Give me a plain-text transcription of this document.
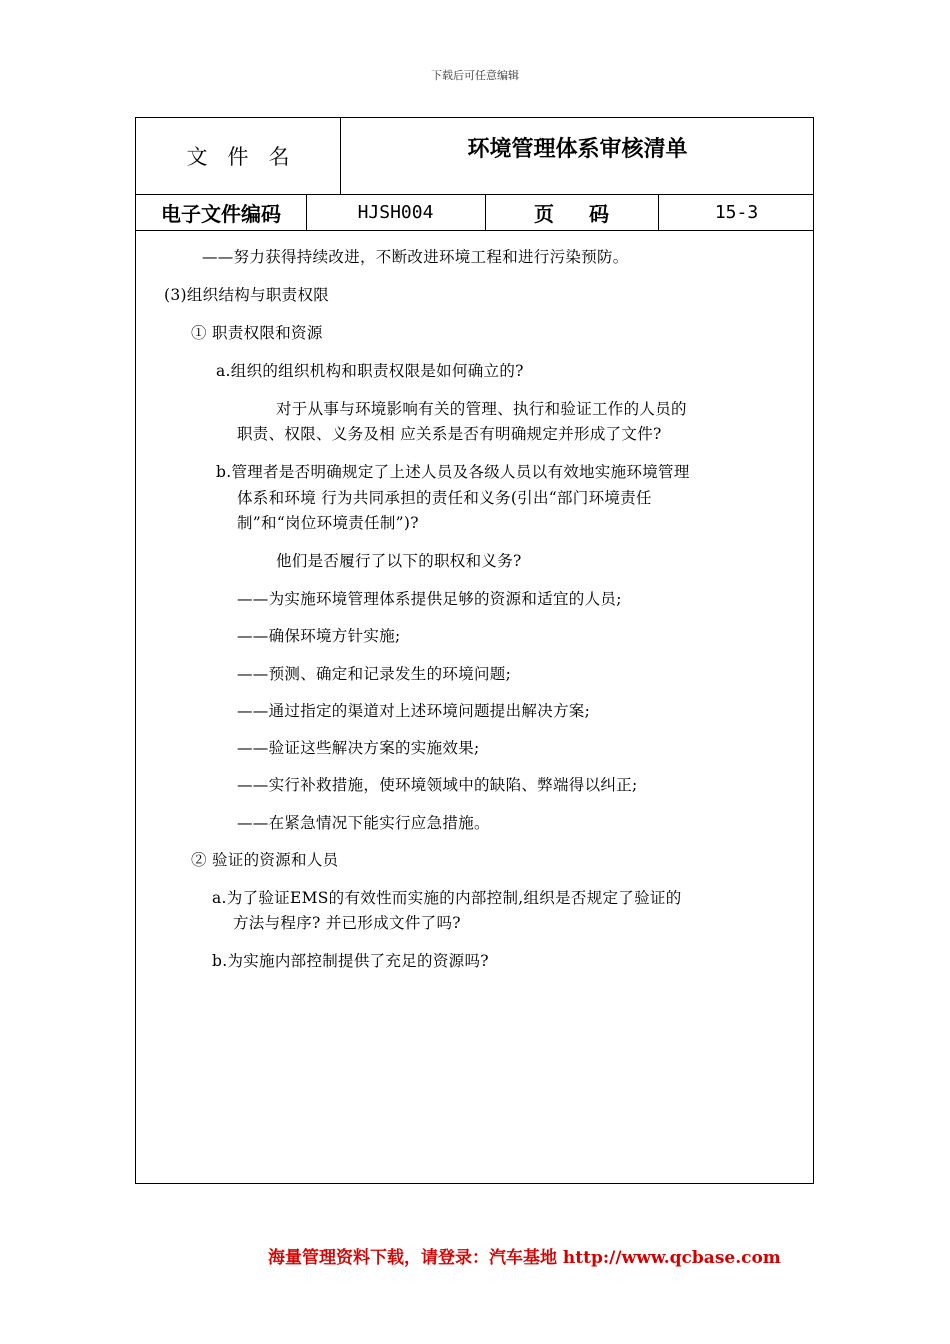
下载后可任意编辑
文件名	环境管理体系审核清单
电子文件编码	HJSH004	页 码	15-3
——努力获得持续改进，不断改进环境工程和进行污染预防。
(3)组织结构与职责权限
① 职责权限和资源
a.组织的组织机构和职责权限是如何确立的?
对于从事与环境影响有关的管理、执行和验证工作的人员的
职责、权限、义务及相 应关系是否有明确规定并形成了文件?
b.管理者是否明确规定了上述人员及各级人员以有效地实施环境管理
体系和环境 行为共同承担的责任和义务(引出“部门环境责任
制”和“岗位环境责任制”)?
他们是否履行了以下的职权和义务?
——为实施环境管理体系提供足够的资源和适宜的人员;
——确保环境方针实施;
——预测、确定和记录发生的环境问题;
——通过指定的渠道对上述环境问题提出解决方案;
——验证这些解决方案的实施效果;
——实行补救措施，使环境领域中的缺陷、弊端得以纠正;
——在紧急情况下能实行应急措施。
② 验证的资源和人员
a.为了验证EMS的有效性而实施的内部控制,组织是否规定了验证的
方法与程序? 并已形成文件了吗?
b.为实施内部控制提供了充足的资源吗?
海量管理资料下载，请登录：汽车基地 http://www.qcbase.com
